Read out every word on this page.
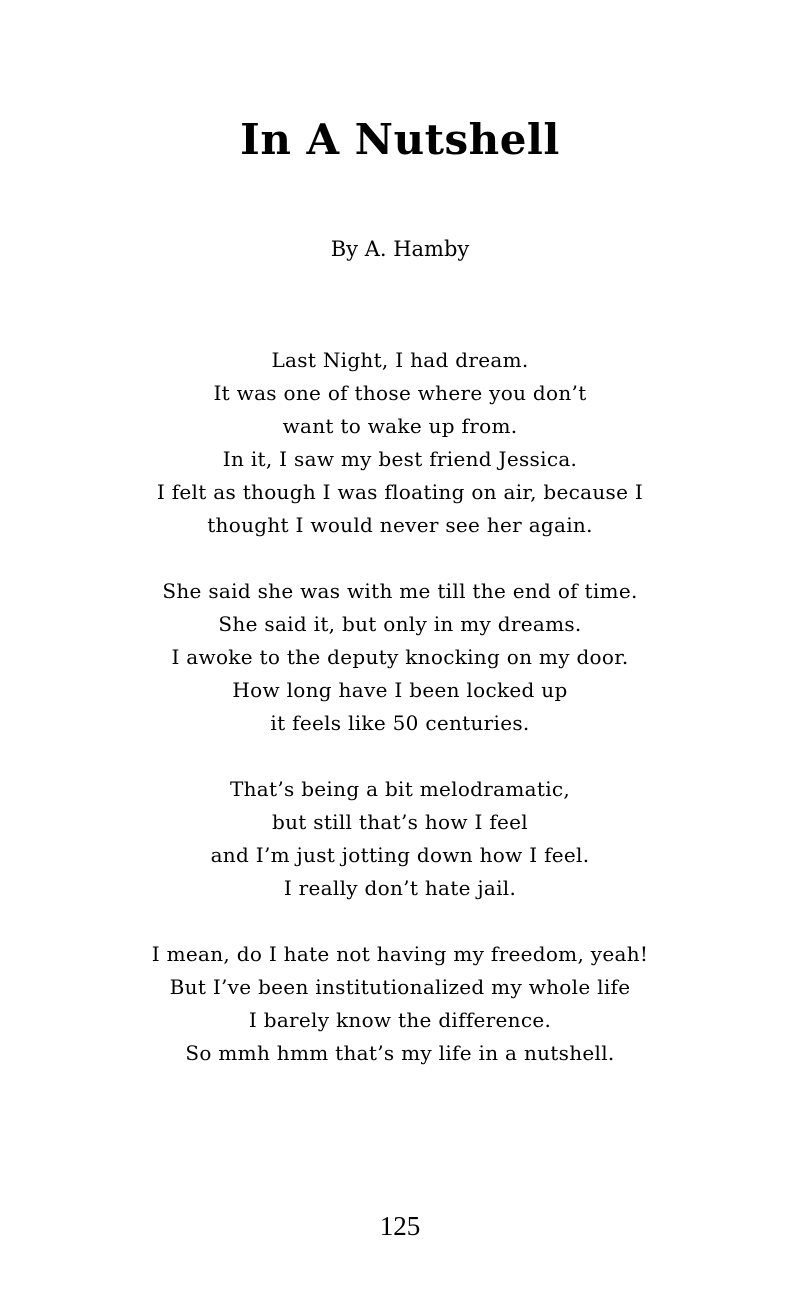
In A Nutshell
By A. Hamby
Last Night, I had dream.
It was one of those where you don’t
want to wake up from.
In it, I saw my best friend Jessica.
I felt as though I was floating on air, because I
thought I would never see her again.
She said she was with me till the end of time.
She said it, but only in my dreams.
I awoke to the deputy knocking on my door.
How long have I been locked up
it feels like 50 centuries.
That’s being a bit melodramatic,
but still that’s how I feel
and I’m just jotting down how I feel.
I really don’t hate jail.
I mean, do I hate not having my freedom, yeah!
But I’ve been institutionalized my whole life
I barely know the difference.
So mmh hmm that’s my life in a nutshell.
125
